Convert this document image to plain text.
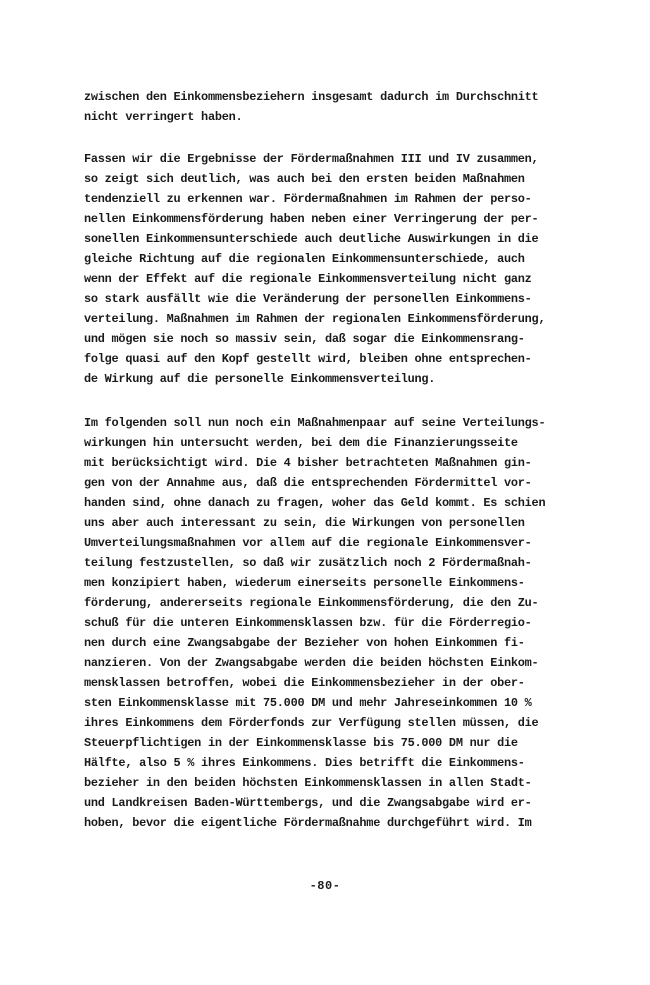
zwischen den Einkommensbeziehern insgesamt dadurch im Durchschnitt
nicht verringert haben.
Fassen wir die Ergebnisse der Fördermaßnahmen III und IV zusammen,
so zeigt sich deutlich, was auch bei den ersten beiden Maßnahmen
tendenziell zu erkennen war. Fördermaßnahmen im Rahmen der perso-
nellen Einkommensförderung haben neben einer Verringerung der per-
sonellen Einkommensunterschiede auch deutliche Auswirkungen in die
gleiche Richtung auf die regionalen Einkommensunterschiede, auch
wenn der Effekt auf die regionale Einkommensverteilung nicht ganz
so stark ausfällt wie die Veränderung der personellen Einkommens-
verteilung. Maßnahmen im Rahmen der regionalen Einkommensförderung,
und mögen sie noch so massiv sein, daß sogar die Einkommensrang-
folge quasi auf den Kopf gestellt wird, bleiben ohne entsprechen-
de Wirkung auf die personelle Einkommensverteilung.
Im folgenden soll nun noch ein Maßnahmenpaar auf seine Verteilungs-
wirkungen hin untersucht werden, bei dem die Finanzierungsseite
mit berücksichtigt wird. Die 4 bisher betrachteten Maßnahmen gin-
gen von der Annahme aus, daß die entsprechenden Fördermittel vor-
handen sind, ohne danach zu fragen, woher das Geld kommt. Es schien
uns aber auch interessant zu sein, die Wirkungen von personellen
Umverteilungsmaßnahmen vor allem auf die regionale Einkommensver-
teilung festzustellen, so daß wir zusätzlich noch 2 Fördermaßnah-
men konzipiert haben, wiederum einerseits personelle Einkommens-
förderung, andererseits regionale Einkommensförderung, die den Zu-
schuß für die unteren Einkommensklassen bzw. für die Förderregio-
nen durch eine Zwangsabgabe der Bezieher von hohen Einkommen fi-
nanzieren. Von der Zwangsabgabe werden die beiden höchsten Einkom-
mensklassen betroffen, wobei die Einkommensbezieher in der ober-
sten Einkommensklasse mit 75.000 DM und mehr Jahreseinkommen 10 %
ihres Einkommens dem Förderfonds zur Verfügung stellen müssen, die
Steuerpflichtigen in der Einkommensklasse bis 75.000 DM nur die
Hälfte, also 5 % ihres Einkommens. Dies betrifft die Einkommens-
bezieher in den beiden höchsten Einkommensklassen in allen Stadt-
und Landkreisen Baden-Württembergs, und die Zwangsabgabe wird er-
hoben, bevor die eigentliche Fördermaßnahme durchgeführt wird. Im
-80-
